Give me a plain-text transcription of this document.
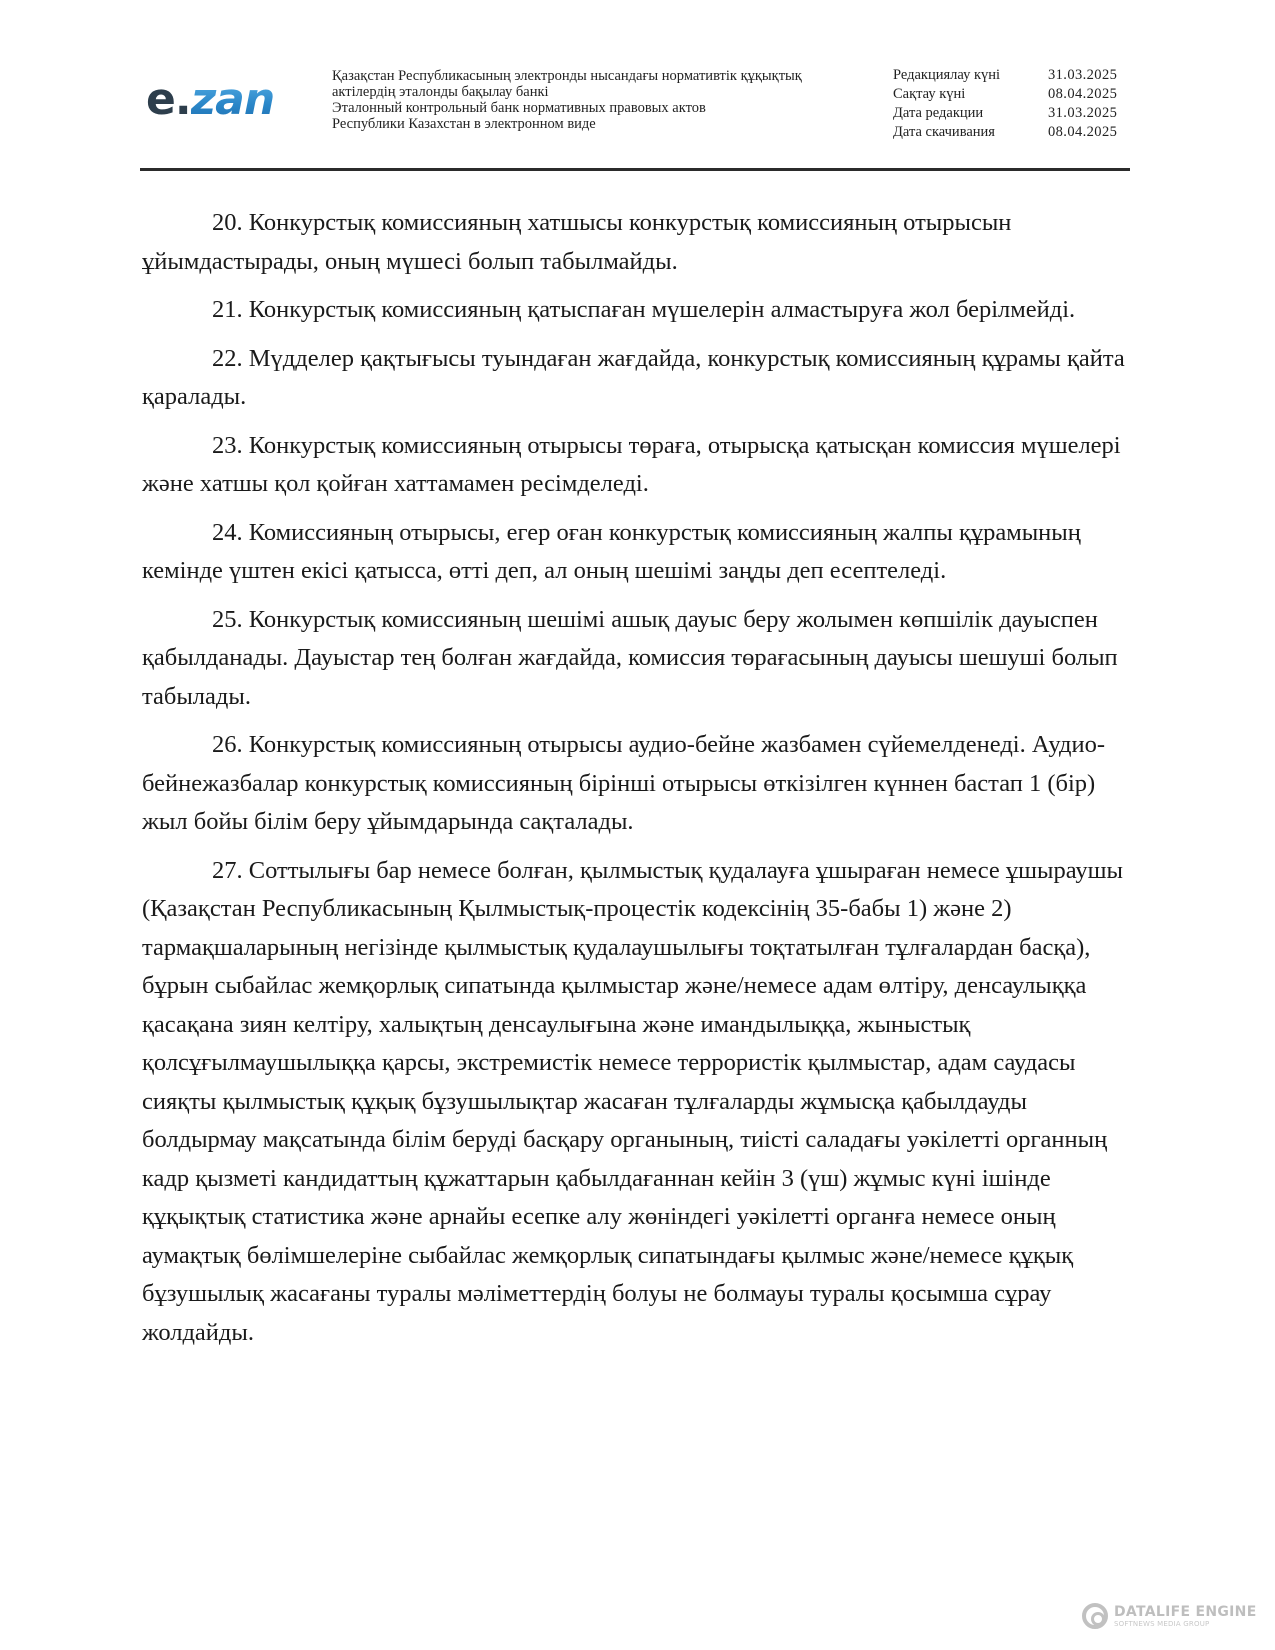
e . zan	Қазақстан Республикасының электронды нысандағы нормативтік құқықтық
актілердің эталонды бақылау банкі
Эталонный контрольный банк нормативных правовых актов
Республики Казахстан в электронном виде
Редакциялау күні	31.03.2025
Сақтау күні	08.04.2025
Дата редакции	31.03.2025
Дата скачивания	08.04.2025

20. Конкурстық комиссияның хатшысы конкурстық комиссияның отырысын ұйымдастырады, оның мүшесі болып табылмайды.

21. Конкурстық комиссияның қатыспаған мүшелерін алмастыруға жол берілмейді.

22. Мүдделер қақтығысы туындаған жағдайда, конкурстық комиссияның құрамы қайта қаралады.

23. Конкурстық комиссияның отырысы төраға, отырысқа қатысқан комиссия мүшелері және хатшы қол қойған хаттамамен ресімделеді.

24. Комиссияның отырысы, егер оған конкурстық комиссияның жалпы құрамының кемінде үштен екісі қатысса, өтті деп, ал оның шешімі заңды деп есептеледі.

25. Конкурстық комиссияның шешімі ашық дауыс беру жолымен көпшілік дауыспен қабылданады. Дауыстар тең болған жағдайда, комиссия төрағасының дауысы шешуші болып табылады.

26. Конкурстық комиссияның отырысы аудио-бейне жазбамен сүйемелденеді. Аудио-бейнежазбалар конкурстық комиссияның бірінші отырысы өткізілген күннен бастап 1 (бір) жыл бойы білім беру ұйымдарында сақталады.

27. Соттылығы бар немесе болған, қылмыстық қудалауға ұшыраған немесе ұшыраушы (Қазақстан Республикасының Қылмыстық-процестік кодексінің 35-бабы 1) және 2) тармақшаларының негізінде қылмыстық қудалаушылығы тоқтатылған тұлғалардан басқа), бұрын сыбайлас жемқорлық сипатында қылмыстар және/немесе адам өлтіру, денсаулыққа қасақана зиян келтіру, халықтың денсаулығына және имандылыққа, жыныстық қолсұғылмаушылыққа қарсы, экстремистік немесе террористік қылмыстар, адам саудасы сияқты қылмыстық құқық бұзушылықтар жасаған тұлғаларды жұмысқа қабылдауды болдырмау мақсатында білім беруді басқару органының, тиісті саладағы уәкілетті органның кадр қызметі кандидаттың құжаттарын қабылдағаннан кейін 3 (үш) жұмыс күні ішінде құқықтық статистика және арнайы есепке алу жөніндегі уәкілетті органға немесе оның аумақтық бөлімшелеріне сыбайлас жемқорлық сипатындағы қылмыс және/немесе құқық бұзушылық жасағаны туралы мәліметтердің болуы не болмауы туралы қосымша сұрау жолдайды.

DATALIFE ENGINE
SOFTNEWS MEDIA GROUP
